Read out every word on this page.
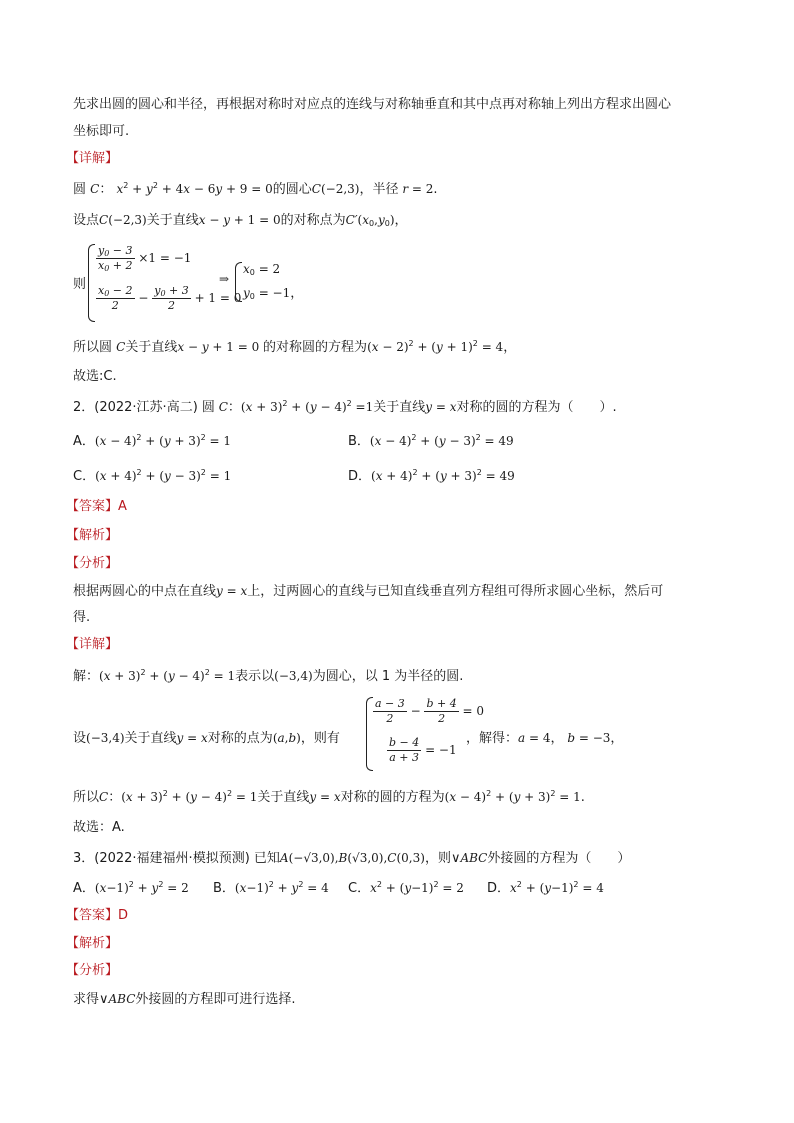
先求出圆的圆心和半径，再根据对称时对应点的连线与对称轴垂直和其中点再对称轴上列出方程求出圆心
坐标即可.
【详解】
圆 C： $x^2 + y^2 + 4x - 6y + 9 = 0$的圆心C(−2,3)，半径 r = 2.
设点C(−2,3)关于直线x − y + 1 = 0的对称点为$C'(x_0,y_0)$，
则
$\frac{y_0 - 3}{x_0 + 2} \times 1 = -1$
$\frac{x_0 - 2}{2} - \frac{y_0 + 3}{2} + 1 = 0$
⇒
$x_0 = 2$
$y_0 = -1$，
所以圆 C关于直线x − y + 1 = 0 的对称圆的方程为$(x - 2)^2 + (y + 1)^2 = 4$，
故选:C.
2．(2022·江苏·高二) 圆 C：$(x + 3)^2 + (y - 4)^2 =1$关于直线y = x对称的圆的方程为（　　）.
A．$(x - 4)^2 + (y + 3)^2 = 1$	B．$(x - 4)^2 + (y - 3)^2 = 49$
C．$(x + 4)^2 + (y - 3)^2 = 1$	D．$(x + 4)^2 + (y + 3)^2 = 49$
【答案】A
【解析】
【分析】
根据两圆心的中点在直线y = x上，过两圆心的直线与已知直线垂直列方程组可得所求圆心坐标，然后可
得.
【详解】
解：$(x + 3)^2 + (y - 4)^2 = 1$表示以(−3,4)为圆心，以 1 为半径的圆.
设(−3,4)关于直线y = x对称的点为(a,b)，则有
$\frac{a - 3}{2} - \frac{b + 4}{2} = 0$
$\frac{b - 4}{a + 3} = -1$
，解得：a = 4， b = −3，
所以C：$(x + 3)^2 + (y - 4)^2 = 1$关于直线y = x对称的圆的方程为$(x - 4)^2 + (y + 3)^2 = 1$.
故选：A.
3．(2022·福建福州·模拟预测) 已知A(−√3,0),B(√3,0),C(0,3)，则∨ABC外接圆的方程为（　　）
A．$(x-1)^2 + y^2 = 2$ B．$(x-1)^2 + y^2 = 4$ C．$x^2 + (y-1)^2 = 2$ D．$x^2 + (y-1)^2 = 4$
【答案】D
【解析】
【分析】
求得∨ABC外接圆的方程即可进行选择.
